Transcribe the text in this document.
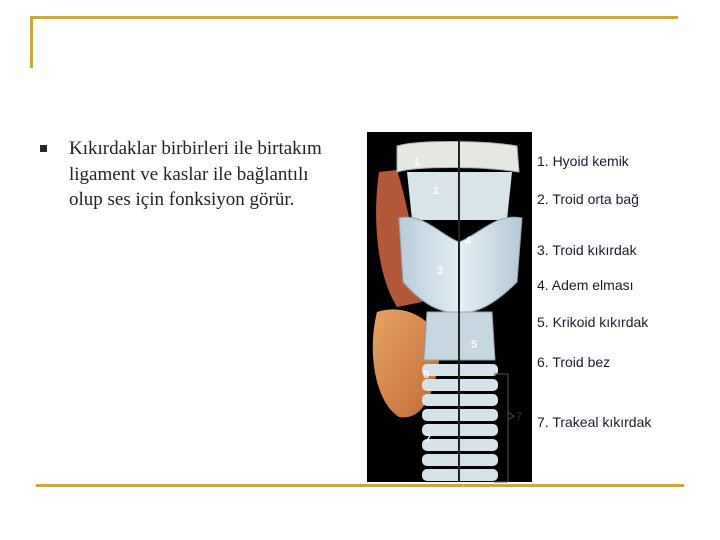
Kıkırdaklar birbirleri ile birtakım ligament ve kaslar ile bağlantılı olup ses için fonksiyon görür.
1
2
3
4
5
6
7
7
1. Hyoid kemik
2. Troid orta bağ
3. Troid kıkırdak
4. Adem elması
5. Krikoid kıkırdak
6. Troid bez
7. Trakeal kıkırdak
